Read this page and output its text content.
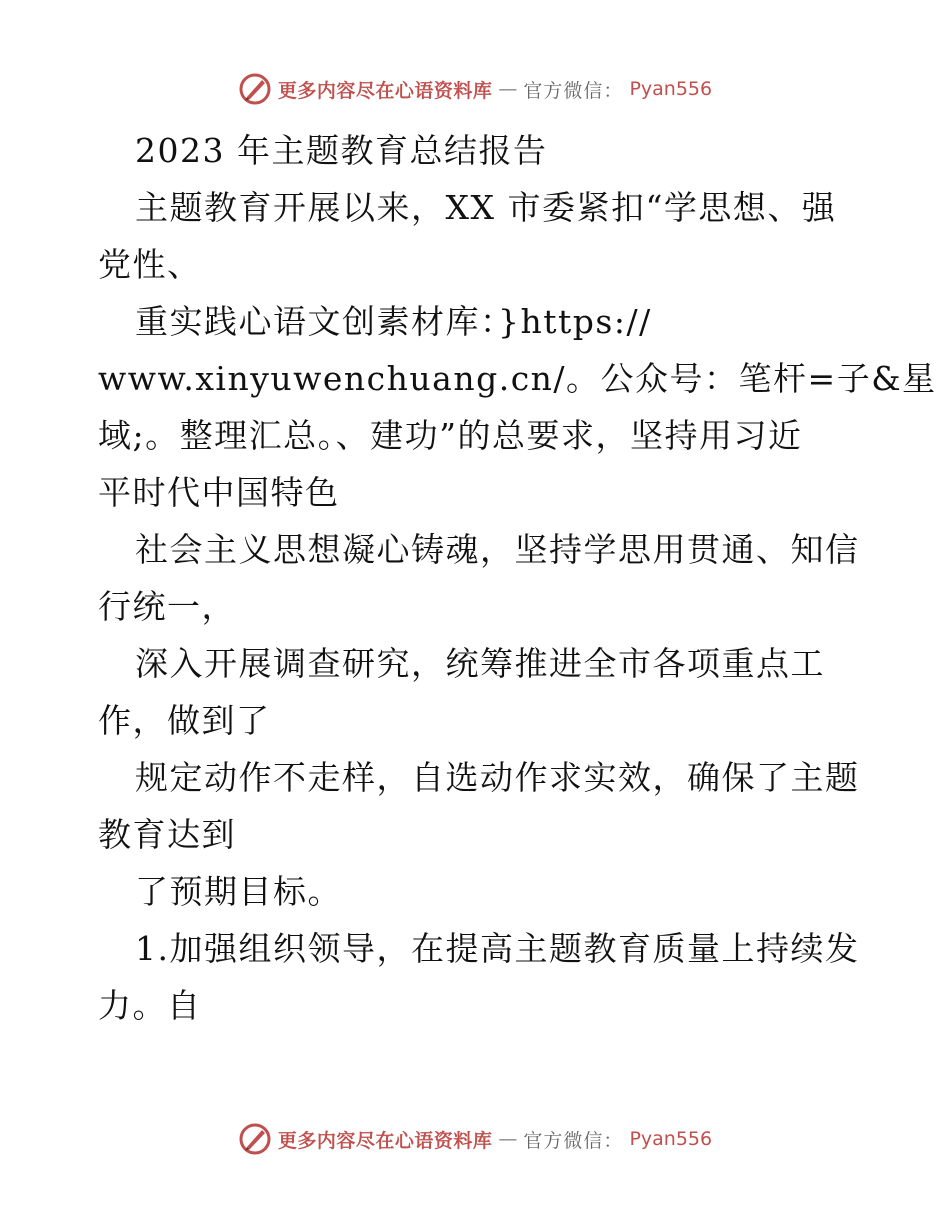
更多内容尽在心语资料库 — 官方微信： Pyan556
2023 年主题教育总结报告
主题教育开展以来，XX 市委紧扣“学思想、强
党性、
重实践心语文创素材库：}https://
www.xinyuwenchuang.cn/。公众号：笔杆=子&星
域;。整理汇总。、建功”的总要求，坚持用习近
平时代中国特色
社会主义思想凝心铸魂，坚持学思用贯通、知信
行统一，
深入开展调查研究，统筹推进全市各项重点工
作，做到了
规定动作不走样，自选动作求实效，确保了主题
教育达到
了预期目标。
1.加强组织领导，在提高主题教育质量上持续发
力。自
更多内容尽在心语资料库 — 官方微信： Pyan556
